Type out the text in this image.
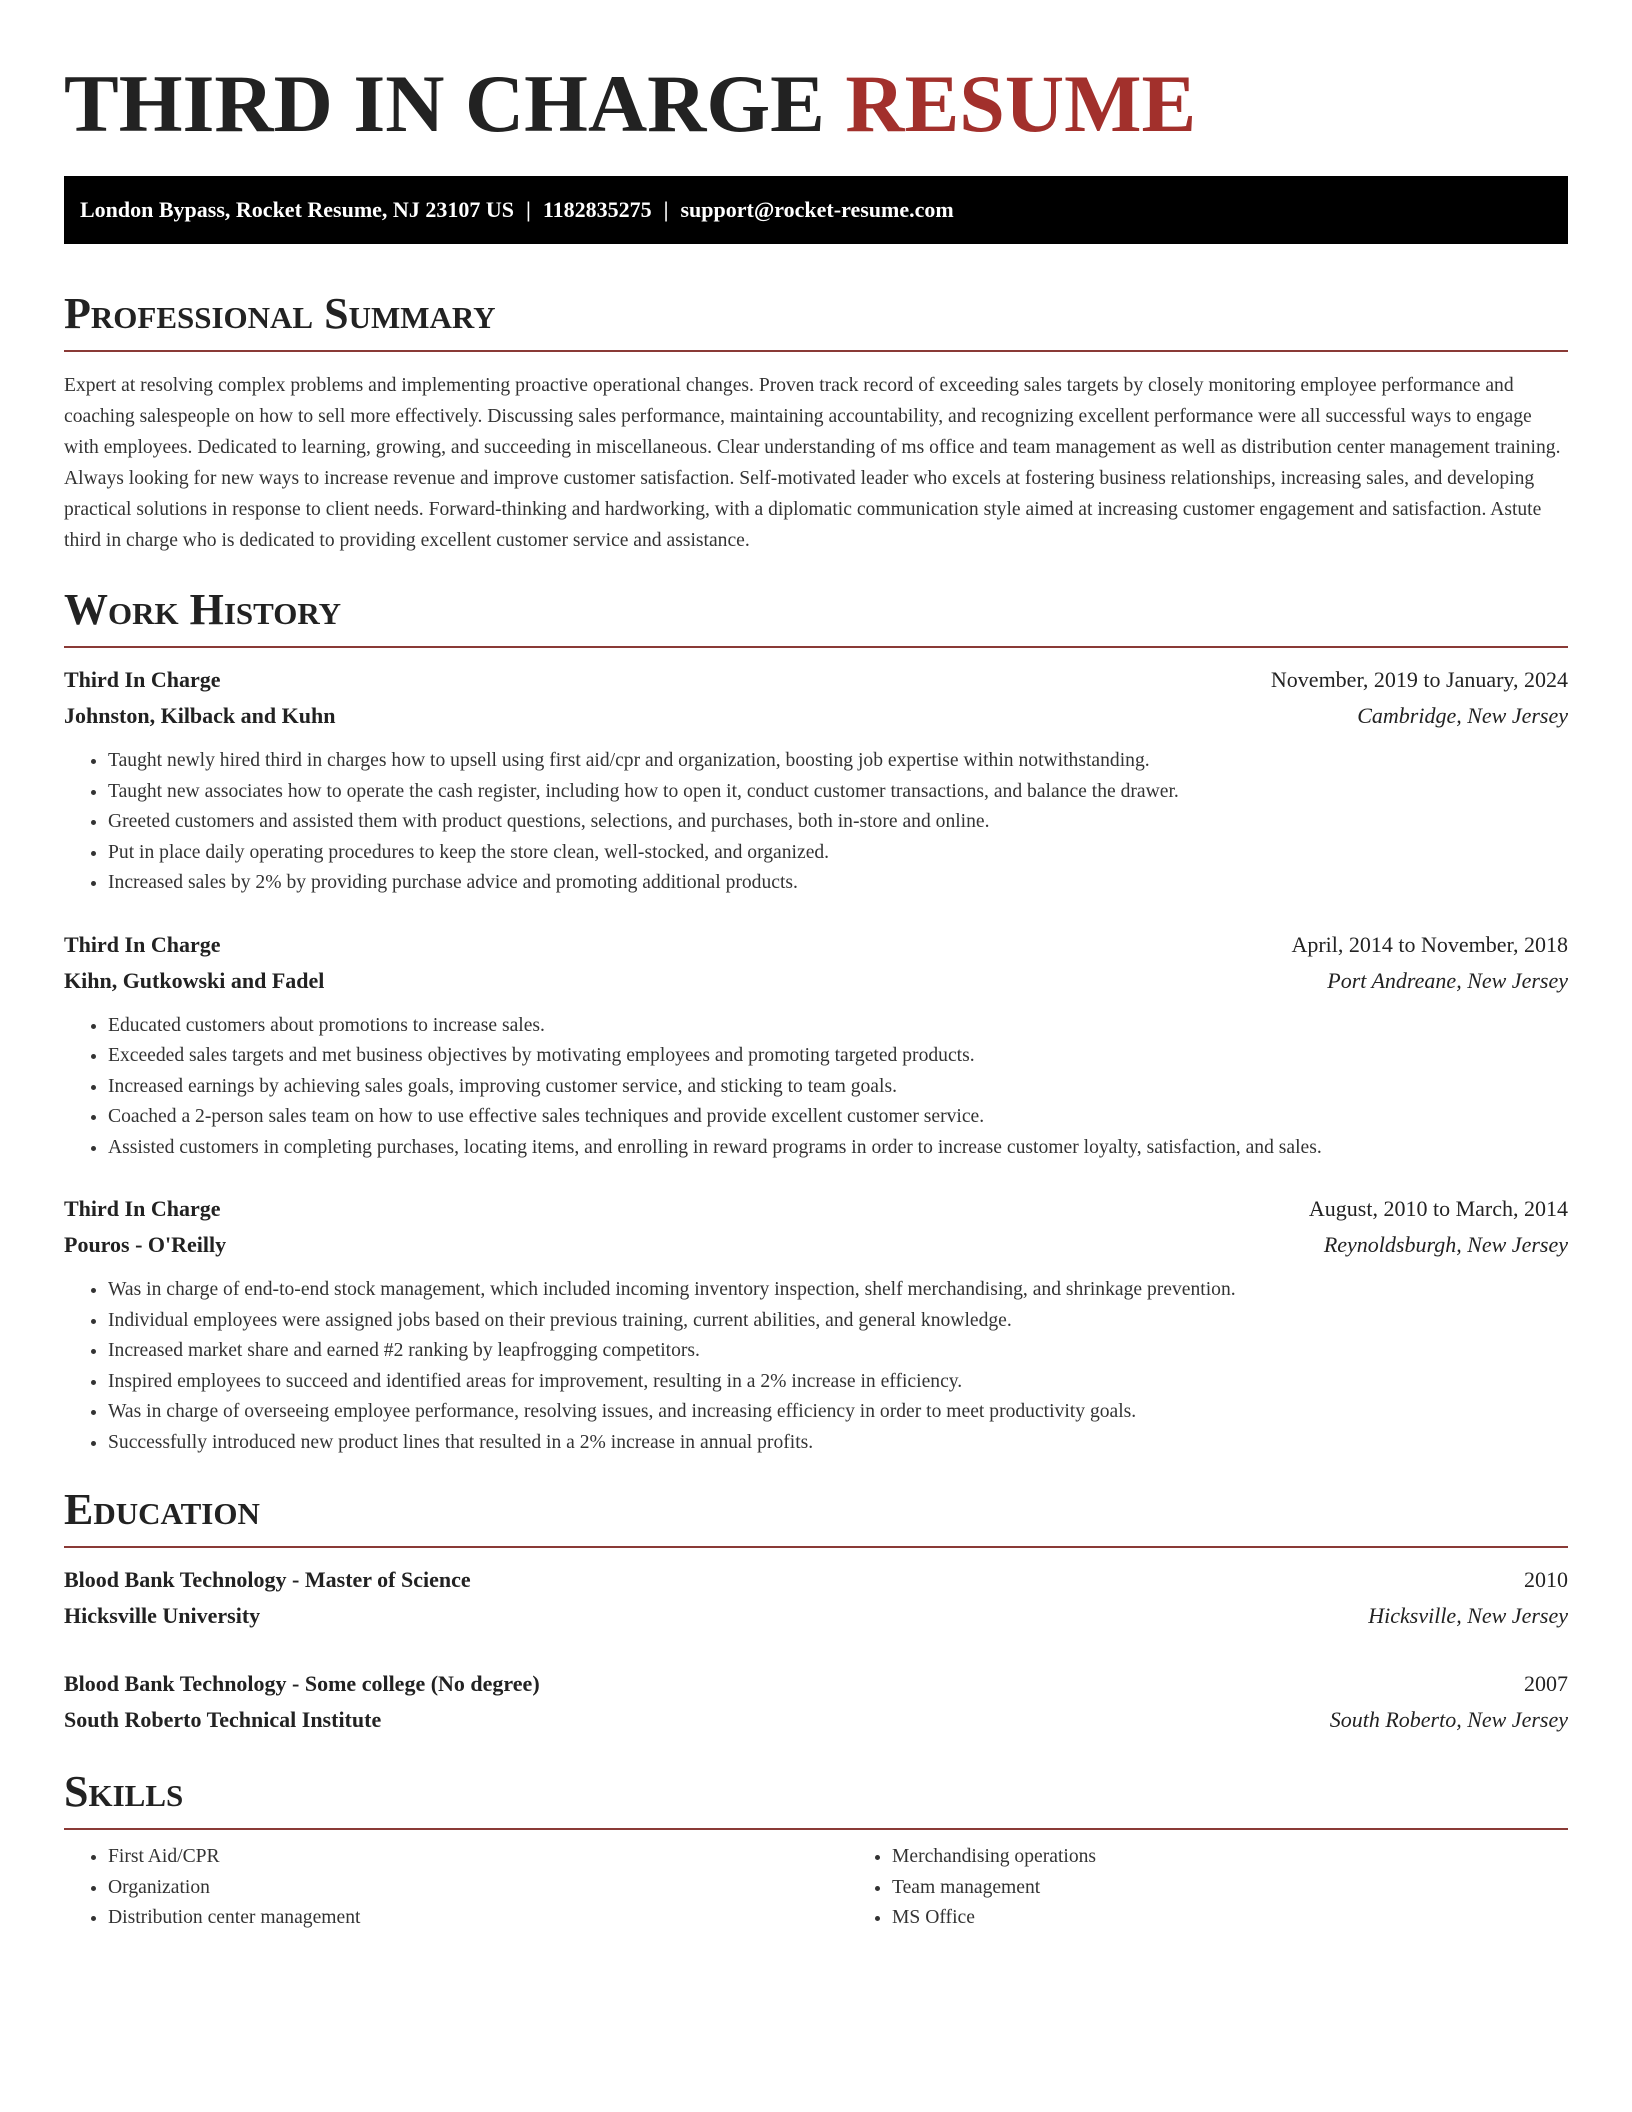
THIRD IN CHARGE RESUME
London Bypass, Rocket Resume, NJ 23107 US | 1182835275 | support@rocket-resume.com
Professional Summary

Expert at resolving complex problems and implementing proactive operational changes. Proven track record of exceeding sales targets by closely monitoring employee performance and coaching salespeople on how to sell more effectively. Discussing sales performance, maintaining accountability, and recognizing excellent performance were all successful ways to engage with employees. Dedicated to learning, growing, and succeeding in miscellaneous. Clear understanding of ms office and team management as well as distribution center management training. Always looking for new ways to increase revenue and improve customer satisfaction. Self-motivated leader who excels at fostering business relationships, increasing sales, and developing practical solutions in response to client needs. Forward-thinking and hardworking, with a diplomatic communication style aimed at increasing customer engagement and satisfaction. Astute third in charge who is dedicated to providing excellent customer service and assistance.

Work History
Third In Charge	November, 2019 to January, 2024
Johnston, Kilback and Kuhn	Cambridge, New Jersey
• Taught newly hired third in charges how to upsell using first aid/cpr and organization, boosting job expertise within notwithstanding.
• Taught new associates how to operate the cash register, including how to open it, conduct customer transactions, and balance the drawer.
• Greeted customers and assisted them with product questions, selections, and purchases, both in-store and online.
• Put in place daily operating procedures to keep the store clean, well-stocked, and organized.
• Increased sales by 2% by providing purchase advice and promoting additional products.
Third In Charge	April, 2014 to November, 2018
Kihn, Gutkowski and Fadel	Port Andreane, New Jersey
• Educated customers about promotions to increase sales.
• Exceeded sales targets and met business objectives by motivating employees and promoting targeted products.
• Increased earnings by achieving sales goals, improving customer service, and sticking to team goals.
• Coached a 2-person sales team on how to use effective sales techniques and provide excellent customer service.
• Assisted customers in completing purchases, locating items, and enrolling in reward programs in order to increase customer loyalty, satisfaction, and sales.
Third In Charge	August, 2010 to March, 2014
Pouros - O'Reilly	Reynoldsburgh, New Jersey
• Was in charge of end-to-end stock management, which included incoming inventory inspection, shelf merchandising, and shrinkage prevention.
• Individual employees were assigned jobs based on their previous training, current abilities, and general knowledge.
• Increased market share and earned #2 ranking by leapfrogging competitors.
• Inspired employees to succeed and identified areas for improvement, resulting in a 2% increase in efficiency.
• Was in charge of overseeing employee performance, resolving issues, and increasing efficiency in order to meet productivity goals.
• Successfully introduced new product lines that resulted in a 2% increase in annual profits.
Education
Blood Bank Technology - Master of Science	2010
Hicksville University	Hicksville, New Jersey
Blood Bank Technology - Some college (No degree)	2007
South Roberto Technical Institute	South Roberto, New Jersey
Skills
• First Aid/CPR
• Organization
• Distribution center management
• Merchandising operations
• Team management
• MS Office
